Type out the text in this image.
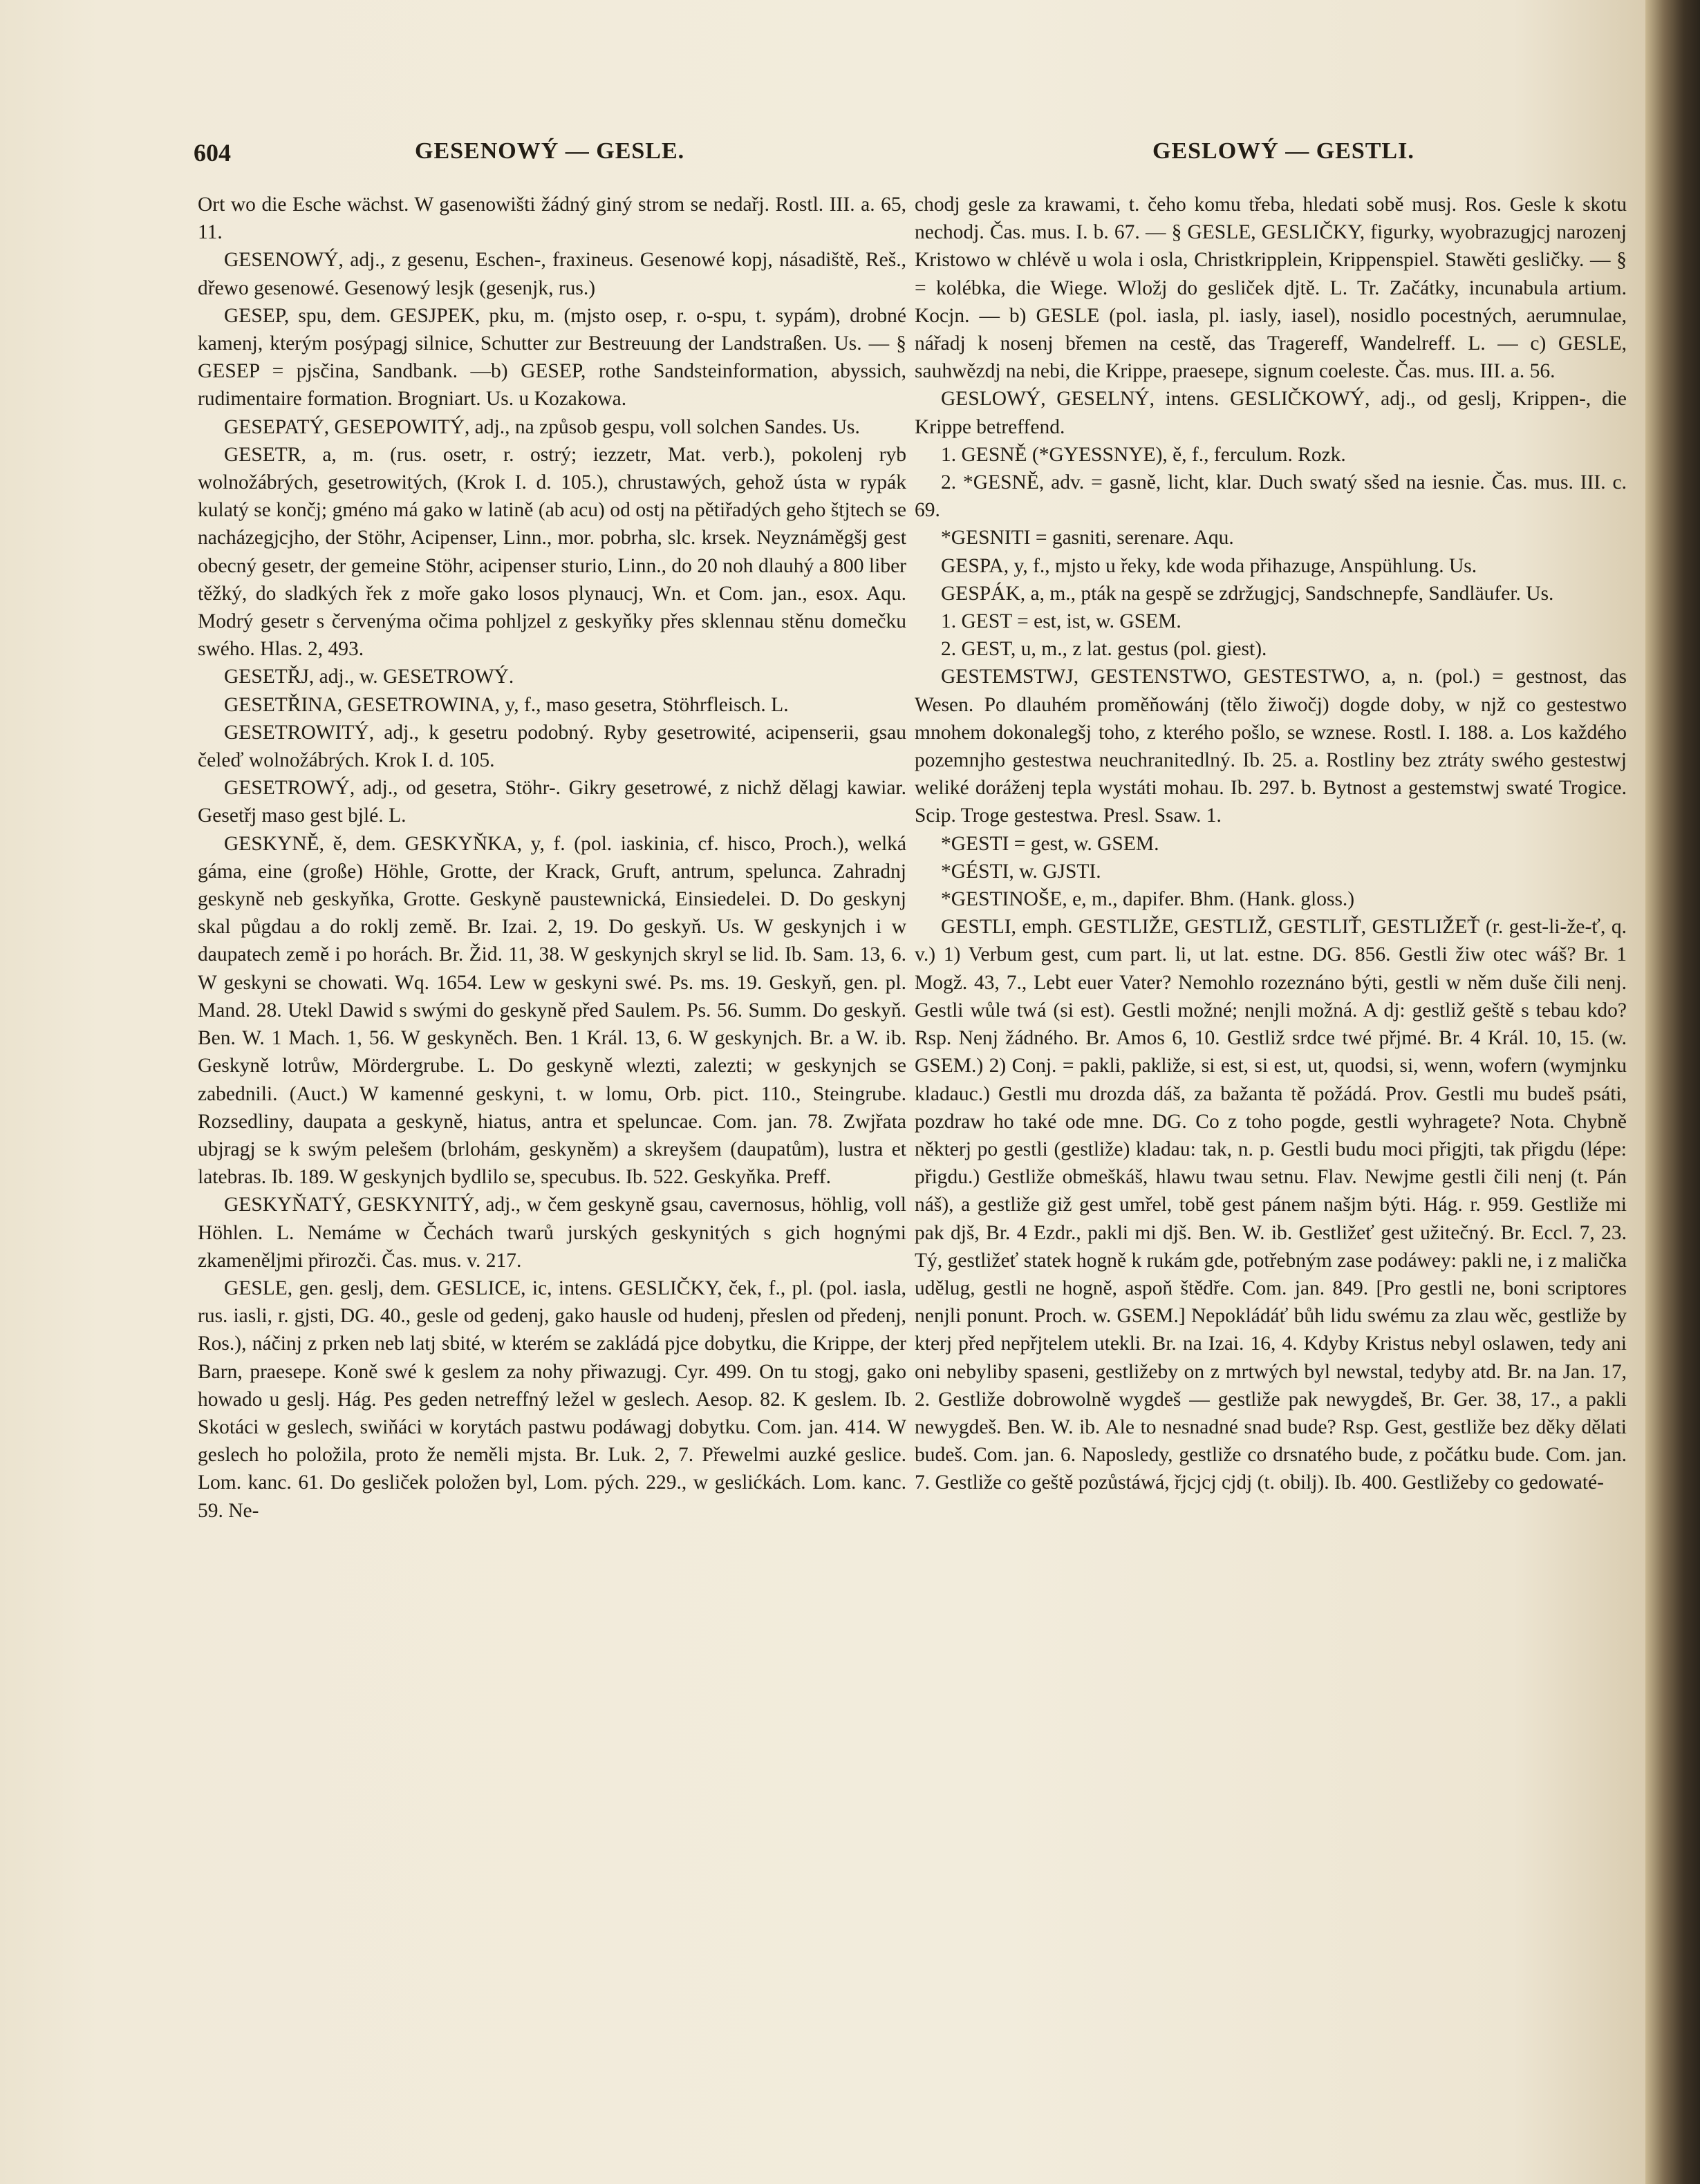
604	GESENOWÝ — GESLE.	GESLOWÝ — GESTLI.

Ort wo die Esche wächst. W gasenowišti žádný giný strom se nedařj. Rostl. III. a. 65, 11.

GESENOWÝ, adj., z gesenu, Eschen-, fraxineus. Gesenowé kopj, násadiště, Reš., dřewo gesenowé. Gesenowý lesjk (gesenjk, rus.)

GESEP, spu, dem. GESJPEK, pku, m. (mjsto osep, r. o-spu, t. sypám), drobné kamenj, kterým posýpagj silnice, Schutter zur Bestreuung der Landstraßen. Us. — § GESEP = pjsčina, Sandbank. —b) GESEP, rothe Sandsteinformation, abyssich, rudimentaire formation. Brogniart. Us. u Kozakowa.

GESEPATÝ, GESEPOWITÝ, adj., na způsob gespu, voll solchen Sandes. Us.

GESETR, a, m. (rus. osetr, r. ostrý; iezzetr, Mat. verb.), pokolenj ryb wolnožábrých, gesetrowitých, (Krok I. d. 105.), chrustawých, gehož ústa w rypák kulatý se končj; gméno má gako w latině (ab acu) od ostj na pětiřadých geho štjtech se nacházegjcjho, der Stöhr, Acipenser, Linn., mor. pobrha, slc. krsek. Neyznáměgšj gest obecný gesetr, der gemeine Stöhr, acipenser sturio, Linn., do 20 noh dlauhý a 800 liber těžký, do sladkých řek z moře gako losos plynaucj, Wn. et Com. jan., esox. Aqu. Modrý gesetr s červenýma očima pohljzel z geskyňky přes sklennau stěnu domečku swého. Hlas. 2, 493.

GESETŘJ, adj., w. GESETROWÝ.

GESETŘINA, GESETROWINA, y, f., maso gesetra, Stöhrfleisch. L.

GESETROWITÝ, adj., k gesetru podobný. Ryby gesetrowité, acipenserii, gsau čeleď wolnožábrých. Krok I. d. 105.

GESETROWÝ, adj., od gesetra, Stöhr-. Gikry gesetrowé, z nichž dělagj kawiar. Gesetřj maso gest bjlé. L.

GESKYNĚ, ě, dem. GESKYŇKA, y, f. (pol. iaskinia, cf. hisco, Proch.), welká gáma, eine (große) Höhle, Grotte, der Krack, Gruft, antrum, spelunca. Zahradnj geskyně neb geskyňka, Grotte. Geskyně paustewnická, Einsiedelei. D. Do geskynj skal půgdau a do roklj země. Br. Izai. 2, 19. Do geskyň. Us. W geskynjch i w daupatech země i po horách. Br. Žid. 11, 38. W geskynjch skryl se lid. Ib. Sam. 13, 6. W geskyni se chowati. Wq. 1654. Lew w geskyni swé. Ps. ms. 19. Geskyň, gen. pl. Mand. 28. Utekl Dawid s swými do geskyně před Saulem. Ps. 56. Summ. Do geskyň. Ben. W. 1 Mach. 1, 56. W geskyněch. Ben. 1 Král. 13, 6. W geskynjch. Br. a W. ib. Geskyně lotrůw, Mördergrube. L. Do geskyně wlezti, zalezti; w geskynjch se zabednili. (Auct.) W kamenné geskyni, t. w lomu, Orb. pict. 110., Steingrube. Rozsedliny, daupata a geskyně, hiatus, antra et speluncae. Com. jan. 78. Zwjřata ubjragj se k swým pelešem (brlohám, geskyněm) a skreyšem (daupatům), lustra et latebras. Ib. 189. W geskynjch bydlilo se, specubus. Ib. 522. Geskyňka. Preff.

GESKYŇATÝ, GESKYNITÝ, adj., w čem geskyně gsau, cavernosus, höhlig, voll Höhlen. L. Nemáme w Čechách twarů jurských geskynitých s gich hognými zkameněljmi přirozči. Čas. mus. v. 217.

GESLE, gen. geslj, dem. GESLICE, ic, intens. GESLIČKY, ček, f., pl. (pol. iasla, rus. iasli, r. gjsti, DG. 40., gesle od gedenj, gako hausle od hudenj, přeslen od předenj, Ros.), náčinj z prken neb latj sbité, w kterém se zakládá pjce dobytku, die Krippe, der Barn, praesepe. Koně swé k geslem za nohy přiwazugj. Cyr. 499. On tu stogj, gako howado u geslj. Hág. Pes geden netreffný ležel w geslech. Aesop. 82. K geslem. Ib. Skotáci w geslech, swiňáci w korytách pastwu podáwagj dobytku. Com. jan. 414. W geslech ho položila, proto že neměli mjsta. Br. Luk. 2, 7. Přewelmi auzké geslice. Lom. kanc. 61. Do gesliček položen byl, Lom. pých. 229., w geslićkách. Lom. kanc. 59. Ne-

chodj gesle za krawami, t. čeho komu třeba, hledati sobě musj. Ros. Gesle k skotu nechodj. Čas. mus. I. b. 67. — § GESLE, GESLIČKY, figurky, wyobrazugjcj narozenj Kristowo w chlévě u wola i osla, Christkripplein, Krippenspiel. Stawěti gesličky. — § = kolébka, die Wiege. Wložj do gesliček djtě. L. Tr. Začátky, incunabula artium. Kocjn. — b) GESLE (pol. iasla, pl. iasly, iasel), nosidlo pocestných, aerumnulae, nářadj k nosenj břemen na cestě, das Tragereff, Wandelreff. L. — c) GESLE, sauhwězdj na nebi, die Krippe, praesepe, signum coeleste. Čas. mus. III. a. 56.

GESLOWÝ, GESELNÝ, intens. GESLIČKOWÝ, adj., od geslj, Krippen-, die Krippe betreffend.

1. GESNĚ (*GYESSNYE), ě, f., ferculum. Rozk.

2. *GESNĚ, adv. = gasně, licht, klar. Duch swatý sšed na iesnie. Čas. mus. III. c. 69.

*GESNITI = gasniti, serenare. Aqu.

GESPA, y, f., mjsto u řeky, kde woda přihazuge, Anspühlung. Us.

GESPÁK, a, m., pták na gespě se zdržugjcj, Sandschnepfe, Sandläufer. Us.

1. GEST = est, ist, w. GSEM.

2. GEST, u, m., z lat. gestus (pol. giest).

GESTEMSTWJ, GESTENSTWO, GESTESTWO, a, n. (pol.) = gestnost, das Wesen. Po dlauhém proměňowánj (tělo žiwočj) dogde doby, w njž co gestestwo mnohem dokonalegšj toho, z kterého pošlo, se wznese. Rostl. I. 188. a. Los každého pozemnjho gestestwa neuchranitedlný. Ib. 25. a. Rostliny bez ztráty swého gestestwj weliké doráženj tepla wystáti mohau. Ib. 297. b. Bytnost a gestemstwj swaté Trogice. Scip. Troge gestestwa. Presl. Ssaw. 1.

*GESTI = gest, w. GSEM.

*GÉSTI, w. GJSTI.

*GESTINOŠE, e, m., dapifer. Bhm. (Hank. gloss.)

GESTLI, emph. GESTLIŽE, GESTLIŽ, GESTLIŤ, GESTLIŽEŤ (r. gest-li-že-ť, q. v.) 1) Verbum gest, cum part. li, ut lat. estne. DG. 856. Gestli žiw otec wáš? Br. 1 Mogž. 43, 7., Lebt euer Vater? Nemohlo rozeznáno býti, gestli w něm duše čili nenj. Gestli wůle twá (si est). Gestli možné; nenjli možná. A dj: gestliž geště s tebau kdo? Rsp. Nenj žádného. Br. Amos 6, 10. Gestliž srdce twé přjmé. Br. 4 Král. 10, 15. (w. GSEM.) 2) Conj. = pakli, pakliže, si est, si est, ut, quodsi, si, wenn, wofern (wymjnku kladauc.) Gestli mu drozda dáš, za bažanta tě požádá. Prov. Gestli mu budeš psáti, pozdraw ho také ode mne. DG. Co z toho pogde, gestli wyhragete? Nota. Chybně některj po gestli (gestliže) kladau: tak, n. p. Gestli budu moci přigjti, tak přigdu (lépe: přigdu.) Gestliže obmeškáš, hlawu twau setnu. Flav. Newjme gestli čili nenj (t. Pán náš), a gestliže giž gest umřel, tobě gest pánem našjm býti. Hág. r. 959. Gestliže mi pak djš, Br. 4 Ezdr., pakli mi djš. Ben. W. ib. Gestližeť gest užitečný. Br. Eccl. 7, 23. Tý, gestližeť statek hogně k rukám gde, potřebným zase podáwey: pakli ne, i z malička udělug, gestli ne hogně, aspoň štědře. Com. jan. 849. [Pro gestli ne, boni scriptores nenjli ponunt. Proch. w. GSEM.] Nepokládáť bůh lidu swému za zlau wěc, gestliže by kterj před nepřjtelem utekli. Br. na Izai. 16, 4. Kdyby Kristus nebyl oslawen, tedy ani oni nebyliby spaseni, gestližeby on z mrtwých byl newstal, tedyby atd. Br. na Jan. 17, 2. Gestliže dobrowolně wygdeš — gestliže pak newygdeš, Br. Ger. 38, 17., a pakli newygdeš. Ben. W. ib. Ale to nesnadné snad bude? Rsp. Gest, gestliže bez děky dělati budeš. Com. jan. 6. Naposledy, gestliže co drsnatého bude, z počátku bude. Com. jan. 7. Gestliže co geště pozůstáwá, řjcjcj cjdj (t. obilj). Ib. 400. Gestližeby co gedowaté-
